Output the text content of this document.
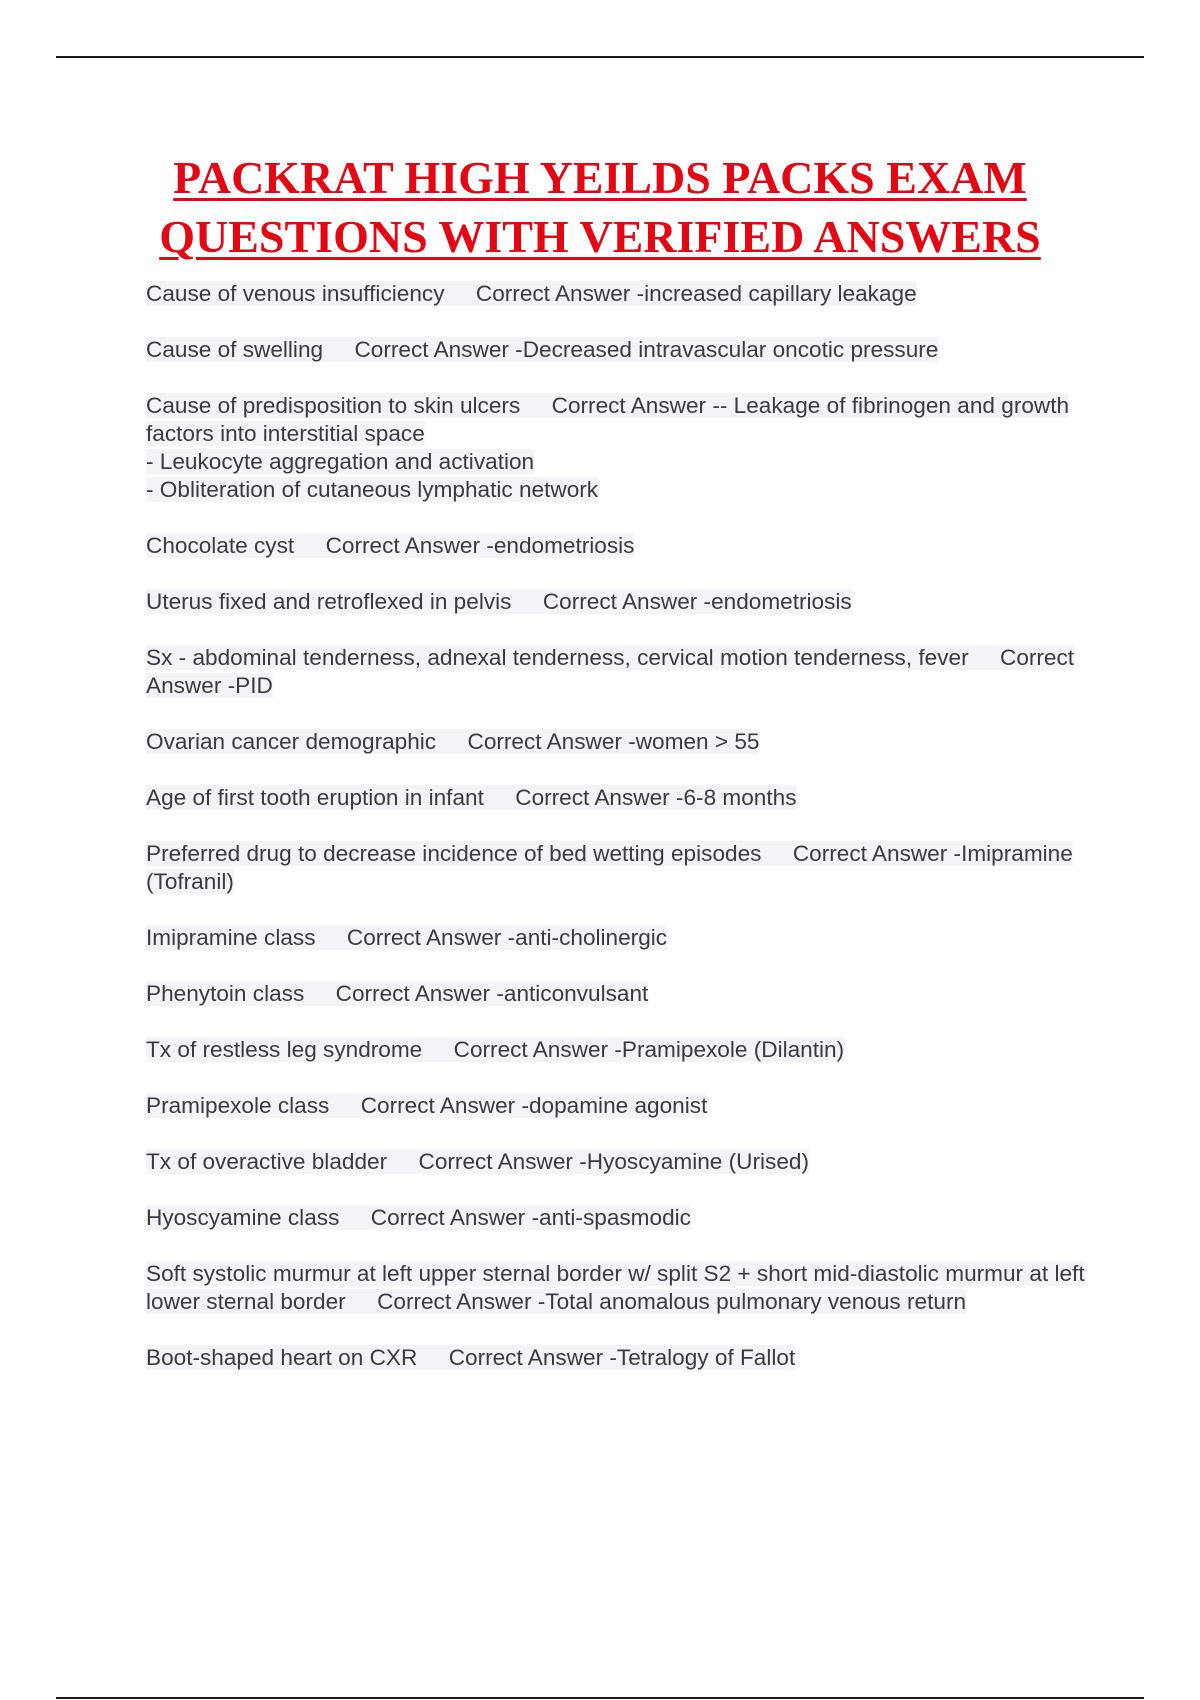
PACKRAT HIGH YEILDS PACKS EXAM
QUESTIONS WITH VERIFIED ANSWERS
Cause of venous insufficiency Correct Answer -increased capillary leakage
Cause of swelling Correct Answer -Decreased intravascular oncotic pressure
Cause of predisposition to skin ulcers Correct Answer -- Leakage of fibrinogen and growth factors into interstitial space
- Leukocyte aggregation and activation
- Obliteration of cutaneous lymphatic network
Chocolate cyst Correct Answer -endometriosis
Uterus fixed and retroflexed in pelvis Correct Answer -endometriosis
Sx - abdominal tenderness, adnexal tenderness, cervical motion tenderness, fever Correct Answer -PID
Ovarian cancer demographic Correct Answer -women > 55
Age of first tooth eruption in infant Correct Answer -6-8 months
Preferred drug to decrease incidence of bed wetting episodes Correct Answer -Imipramine (Tofranil)
Imipramine class Correct Answer -anti-cholinergic
Phenytoin class Correct Answer -anticonvulsant
Tx of restless leg syndrome Correct Answer -Pramipexole (Dilantin)
Pramipexole class Correct Answer -dopamine agonist
Tx of overactive bladder Correct Answer -Hyoscyamine (Urised)
Hyoscyamine class Correct Answer -anti-spasmodic
Soft systolic murmur at left upper sternal border w/ split S2 + short mid-diastolic murmur at left lower sternal border Correct Answer -Total anomalous pulmonary venous return
Boot-shaped heart on CXR Correct Answer -Tetralogy of Fallot
